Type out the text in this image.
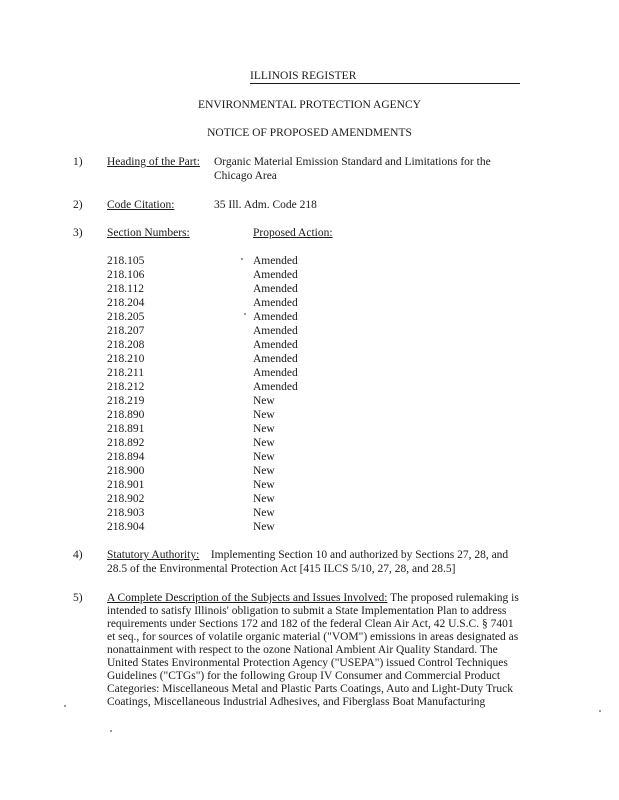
ILLINOIS REGISTER
ENVIRONMENTAL PROTECTION AGENCY
NOTICE OF PROPOSED AMENDMENTS
1) Heading of the Part: Organic Material Emission Standard and Limitations for the
Chicago Area
2) Code Citation:	35 Ill. Adm. Code 218
3) Section Numbers:	Proposed Action:
218.105	Amended
218.106	Amended
218.112	Amended
218.204	Amended
218.205	Amended
218.207	Amended
218.208	Amended
218.210	Amended
218.211	Amended
218.212	Amended
218.219	New
218.890	New
218.891	New
218.892	New
218.894	New
218.900	New
218.901	New
218.902	New
218.903	New
218.904	New
4) Statutory Authority: Implementing Section 10 and authorized by Sections 27, 28, and
28.5 of the Environmental Protection Act [415 ILCS 5/10, 27, 28, and 28.5]
5) A Complete Description of the Subjects and Issues Involved: The proposed rulemaking is
intended to satisfy Illinois' obligation to submit a State Implementation Plan to address
requirements under Sections 172 and 182 of the federal Clean Air Act, 42 U.S.C. § 7401
et seq., for sources of volatile organic material ("VOM") emissions in areas designated as
nonattainment with respect to the ozone National Ambient Air Quality Standard. The
United States Environmental Protection Agency ("USEPA") issued Control Techniques
Guidelines ("CTGs") for the following Group IV Consumer and Commercial Product
Categories: Miscellaneous Metal and Plastic Parts Coatings, Auto and Light-Duty Truck
Coatings, Miscellaneous Industrial Adhesives, and Fiberglass Boat Manufacturing
